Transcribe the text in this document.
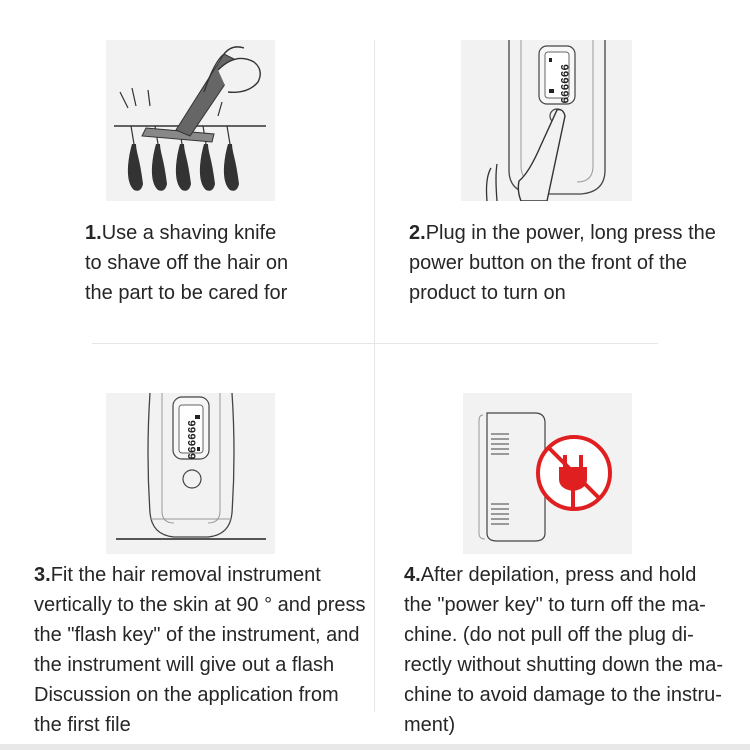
999999
999999
1.Use a shaving knife
to shave off the hair on
the part to be cared for
2.Plug in the power, long press the
power button on the front of the
product to turn on
3.Fit the hair removal instrument
vertically to the skin at 90 ° and press
the "flash key" of the instrument, and
the instrument will give out a flash
Discussion on the application from
the first file
4.After depilation, press and hold
the "power key" to turn off the ma-
chine. (do not pull off the plug di-
rectly without shutting down the ma-
chine to avoid damage to the instru-
ment)
